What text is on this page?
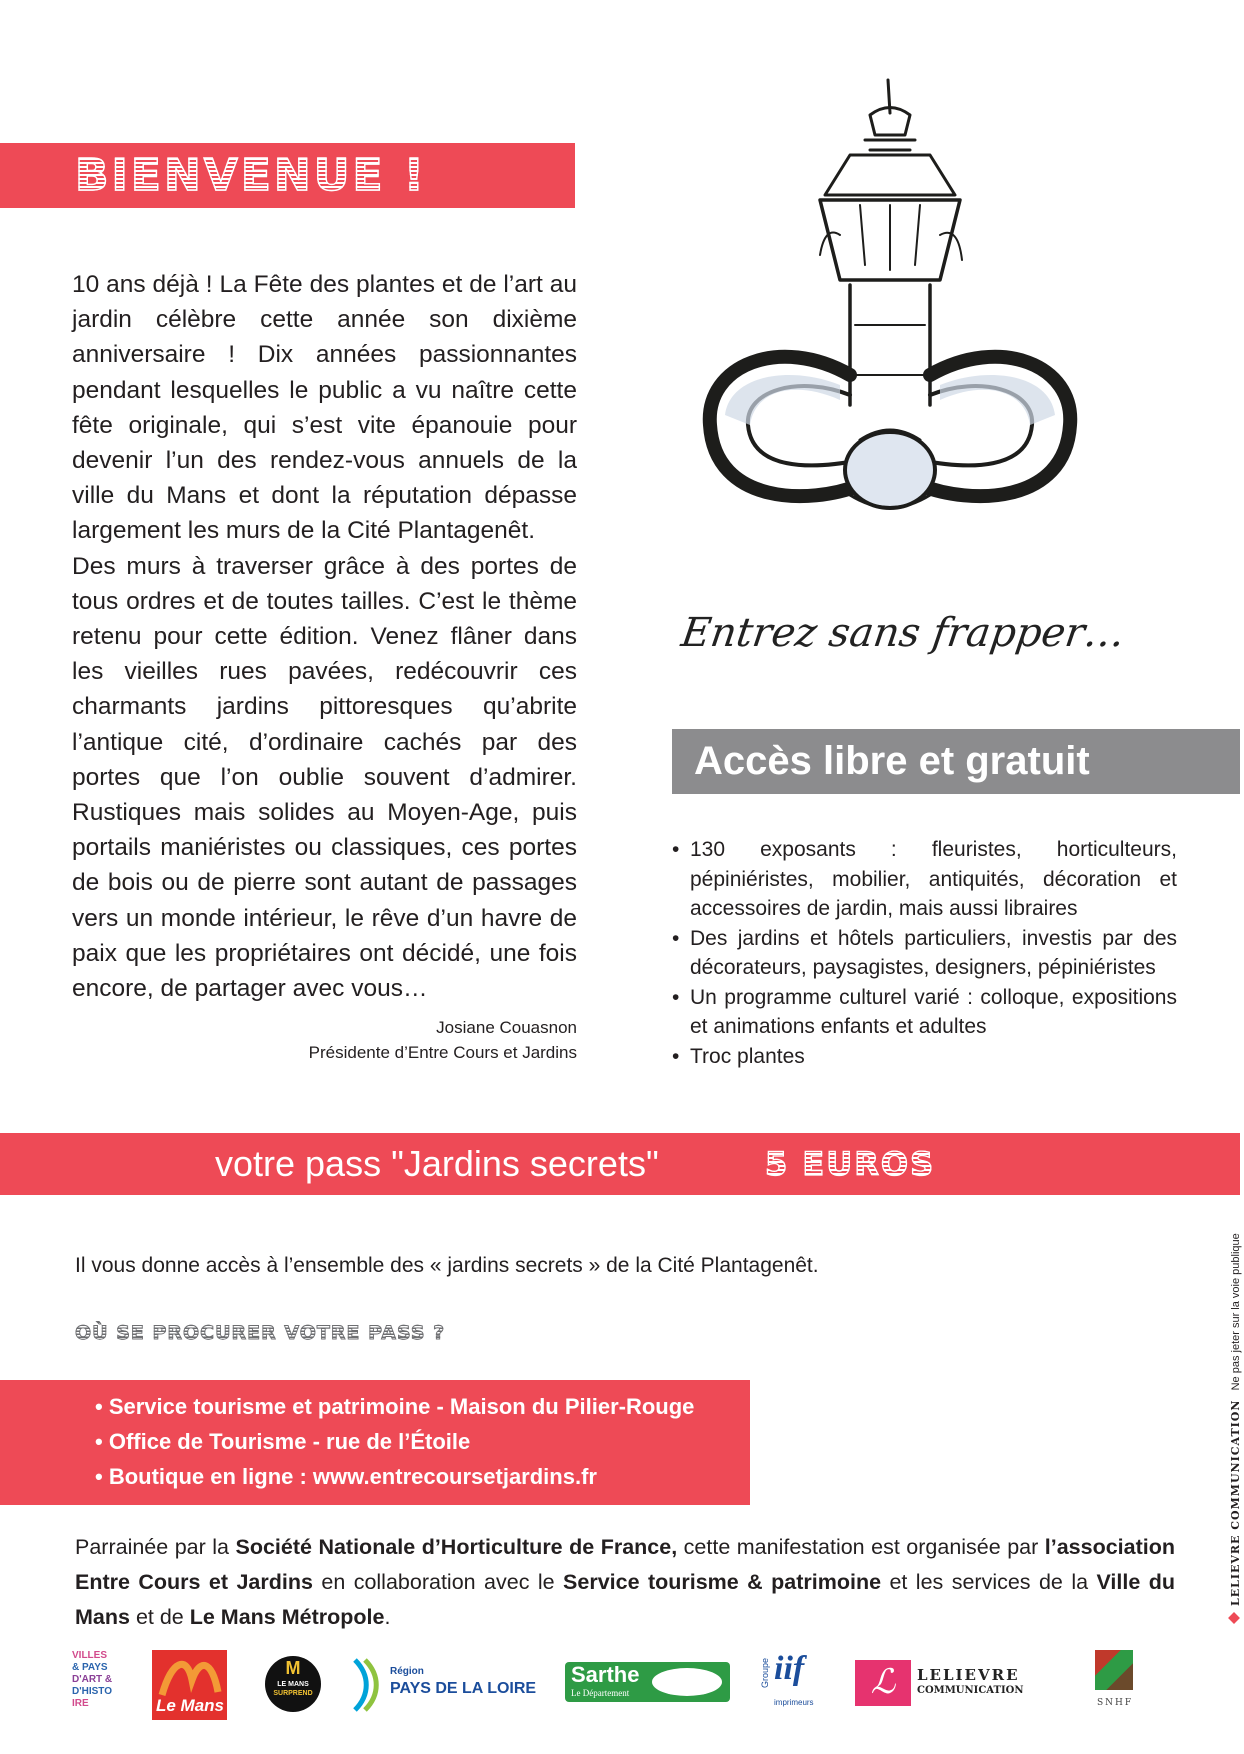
BIENVENUE !

10 ans déjà ! La Fête des plantes et de l’art au jardin célèbre cette année son dixième anniversaire ! Dix années passionnantes pendant lesquelles le public a vu naître cette fête originale, qui s’est vite épanouie pour devenir l’un des rendez-vous annuels de la ville du Mans et dont la réputation dépasse largement les murs de la Cité Plantagenêt.

Des murs à traverser grâce à des portes de tous ordres et de toutes tailles. C’est le thème retenu pour cette édition. Venez flâner dans les vieilles rues pavées, redécouvrir ces charmants jardins pittoresques qu’abrite l’antique cité, d’ordinaire cachés par des portes que l’on oublie souvent d’admirer. Rustiques mais solides au Moyen-Age, puis portails maniéristes ou classiques, ces portes de bois ou de pierre sont autant de passages vers un monde intérieur, le rêve d’un havre de paix que les propriétaires ont décidé, une fois encore, de partager avec vous…

Josiane Couasnon
Présidente d’Entre Cours et Jardins
Entrez sans frapper…
Accès libre et gratuit
• 130 exposants : fleuristes, horticulteurs, pépiniéristes, mobilier, antiquités, décoration et accessoires de jardin, mais aussi libraires
• Des jardins et hôtels particuliers, investis par des décorateurs, paysagistes, designers, pépiniéristes
• Un programme culturel varié : colloque, expositions et animations enfants et adultes
• Troc plantes
votre pass "Jardins secrets"	5 EUROS
Il vous donne accès à l’ensemble des « jardins secrets » de la Cité Plantagenêt.
OÙ SE PROCURER VOTRE PASS ?
• Service tourisme et patrimoine - Maison du Pilier-Rouge
• Office de Tourisme - rue de l’Étoile
• Boutique en ligne : www.entrecoursetjardins.fr
Parrainée par la Société Nationale d’Horticulture de France, cette manifestation est organisée par l’association Entre Cours et Jardins en collaboration avec le Service tourisme & patrimoine et les services de la Ville du Mans et de Le Mans Métropole.
LELIEVRE COMMUNICATION   Ne pas jeter sur la voie publique
VILLES
& PAYS
D'ART &
D'HISTO
IRE	Le Mans
M
LE MANS
SURPREND
Région
PAYS DE LA LOIRE
Sarthe
Le Département
Groupe iif
imprimeurs
ℒ	LELIEVRE
COMMUNICATION
SNHF
